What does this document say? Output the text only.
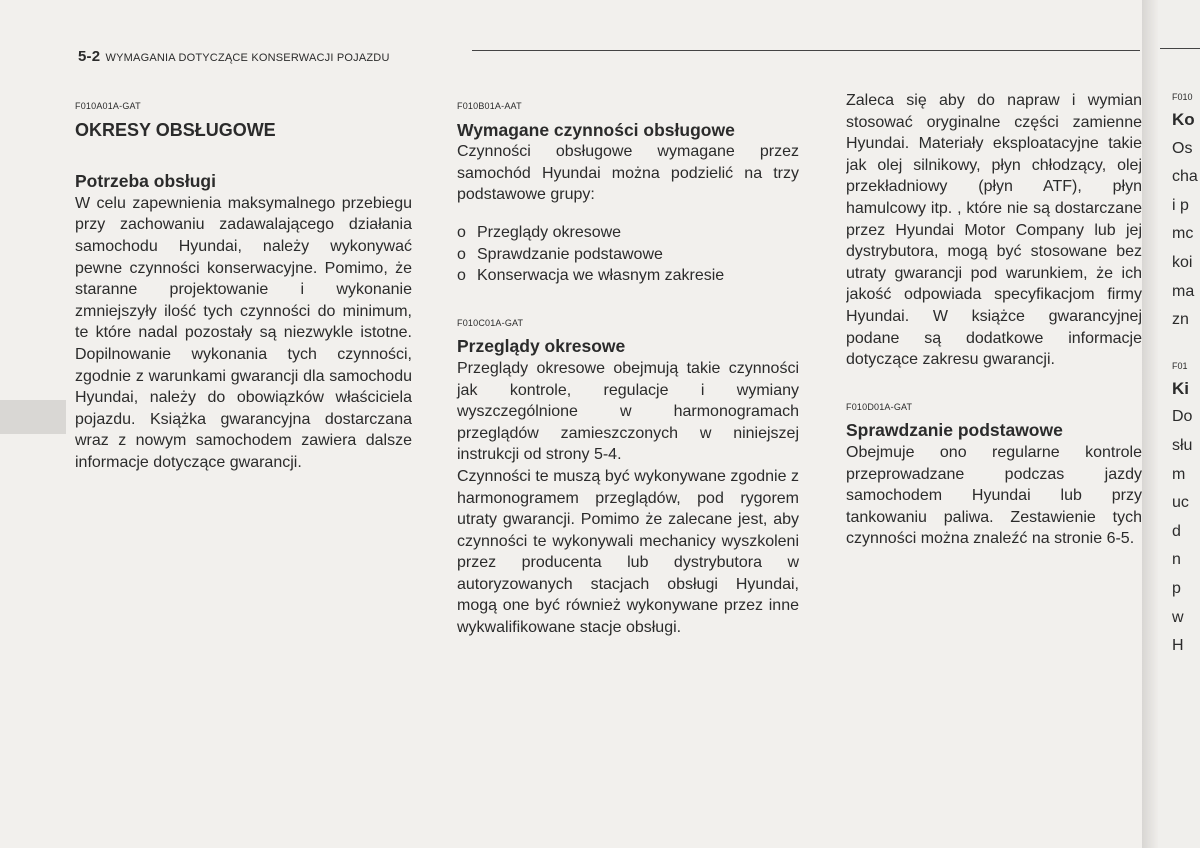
5-2 WYMAGANIA DOTYCZĄCE KONSERWACJI POJAZDU
F010A01A-GAT
OKRESY OBSŁUGOWE
Potrzeba obsługi

W celu zapewnienia maksymalnego przebiegu przy zachowaniu zadawalającego działania samochodu Hyundai, należy wykonywać pewne czynności konserwacyjne. Pomimo, że staranne projektowanie i wykonanie zmniejszyły ilość tych czynności do minimum, te które nadal pozostały są niezwykle istotne. Dopilnowanie wykonania tych czynności, zgodnie z warunkami gwarancji dla samochodu Hyundai, należy do obowiązków właściciela pojazdu. Książka gwarancyjna dostarczana wraz z nowym samochodem zawiera dalsze informacje dotyczące gwarancji.

F010B01A-AAT
Wymagane czynności obsługowe

Czynności obsługowe wymagane przez samochód Hyundai można podzielić na trzy podstawowe grupy:

o Przeglądy okresowe
o Sprawdzanie podstawowe
o Konserwacja we własnym zakresie
F010C01A-GAT
Przeglądy okresowe

Przeglądy okresowe obejmują takie czynności jak kontrole, regulacje i wymiany wyszczególnione w harmonogramach przeglądów zamieszczonych w niniejszej instrukcji od strony 5-4.

Czynności te muszą być wykonywane zgodnie z harmonogramem przeglądów, pod rygorem utraty gwarancji. Pomimo że zalecane jest, aby czynności te wykonywali mechanicy wyszkoleni przez producenta lub dystrybutora w autoryzowanych stacjach obsługi Hyundai, mogą one być również wykonywane przez inne wykwalifikowane stacje obsługi.

Zaleca się aby do napraw i wymian stosować oryginalne części zamienne Hyundai. Materiały eksploatacyjne takie jak olej silnikowy, płyn chłodzący, olej przekładniowy (płyn ATF), płyn hamulcowy itp. , które nie są dostarczane przez Hyundai Motor Company lub jej dystrybutora, mogą być stosowane bez utraty gwarancji pod warunkiem, że ich jakość odpowiada specyfikacjom firmy Hyundai. W książce gwarancyjnej podane są dodatkowe informacje dotyczące zakresu gwarancji.

F010D01A-GAT
Sprawdzanie podstawowe

Obejmuje ono regularne kontrole przeprowadzane podczas jazdy samochodem Hyundai lub przy tankowaniu paliwa. Zestawienie tych czynności można znaleźć na stronie 6-5.

F010
Ko
Os
cha
i p
mc
koi
ma
zn
F01
Ki
Do
słu
m
uc
d
n
p
w
H
